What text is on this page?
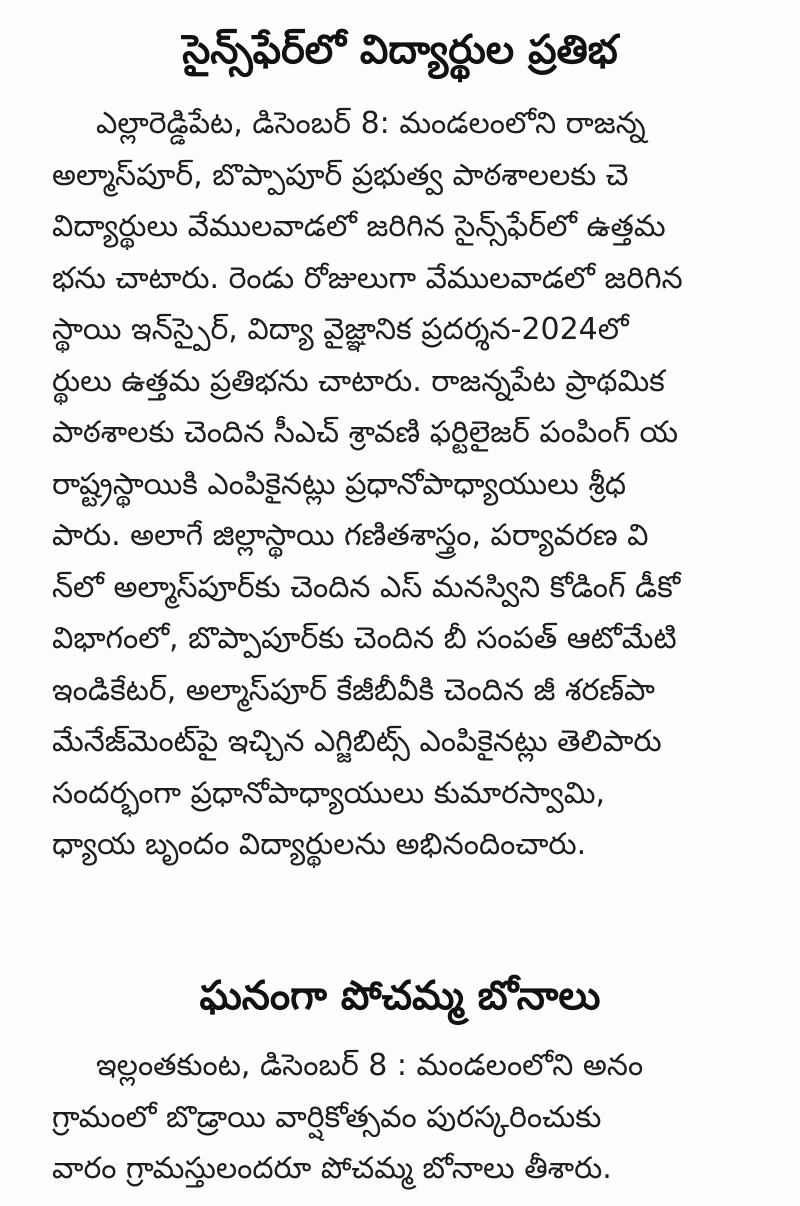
సైన్స్‌ఫేర్‌లో విద్యార్థుల ప్రతిభ
ఎల్లారెడ్డిపేట, డిసెంబర్ 8: మండలంలోని రాజన్న
అల్మాస్‌పూర్, బొప్పాపూర్ ప్రభుత్వ పాఠశాలలకు చె
విద్యార్థులు వేములవాడలో జరిగిన సైన్స్‌ఫేర్‌లో ఉత్తమ
భను చాటారు. రెండు రోజులుగా వేములవాడలో జరిగిన
స్థాయి ఇన్‌స్పైర్, విద్యా వైజ్ఞానిక ప్రదర్శన-2024లో
ర్థులు ఉత్తమ ప్రతిభను చాటారు. రాజన్నపేట ప్రాథమిక
పాఠశాలకు చెందిన సీఎచ్ శ్రావణి ఫర్టిలైజర్ పంపింగ్ య
రాష్ట్రస్థాయికి ఎంపికైనట్లు ప్రధానోపాధ్యాయులు శ్రీధ
పారు. అలాగే జిల్లాస్థాయి గణితశాస్త్రం, పర్యావరణ వి
న్‌లో అల్మాస్‌పూర్‌కు చెందిన ఎస్ మనస్విని కోడింగ్ డీకో
విభాగంలో, బొప్పాపూర్‌కు చెందిన బీ సంపత్ ఆటోమేటి
ఇండికేటర్, అల్మాస్‌పూర్ కేజీబీవీకి చెందిన జీ శరణ్‌పా
మేనేజ్‌మెంట్‌పై ఇచ్చిన ఎగ్జిబిట్స్ ఎంపికైనట్లు తెలిపారు
సందర్భంగా ప్రధానోపాధ్యాయులు కుమారస్వామి,
ధ్యాయ బృందం విద్యార్థులను అభినందించారు.
ఘనంగా పోచమ్మ బోనాలు
ఇల్లంతకుంట, డిసెంబర్ 8 : మండలంలోని అనం
గ్రామంలో బొడ్రాయి వార్షికోత్సవం పురస్కరించుకు
వారం గ్రామస్తులందరూ పోచమ్మ బోనాలు తీశారు.
